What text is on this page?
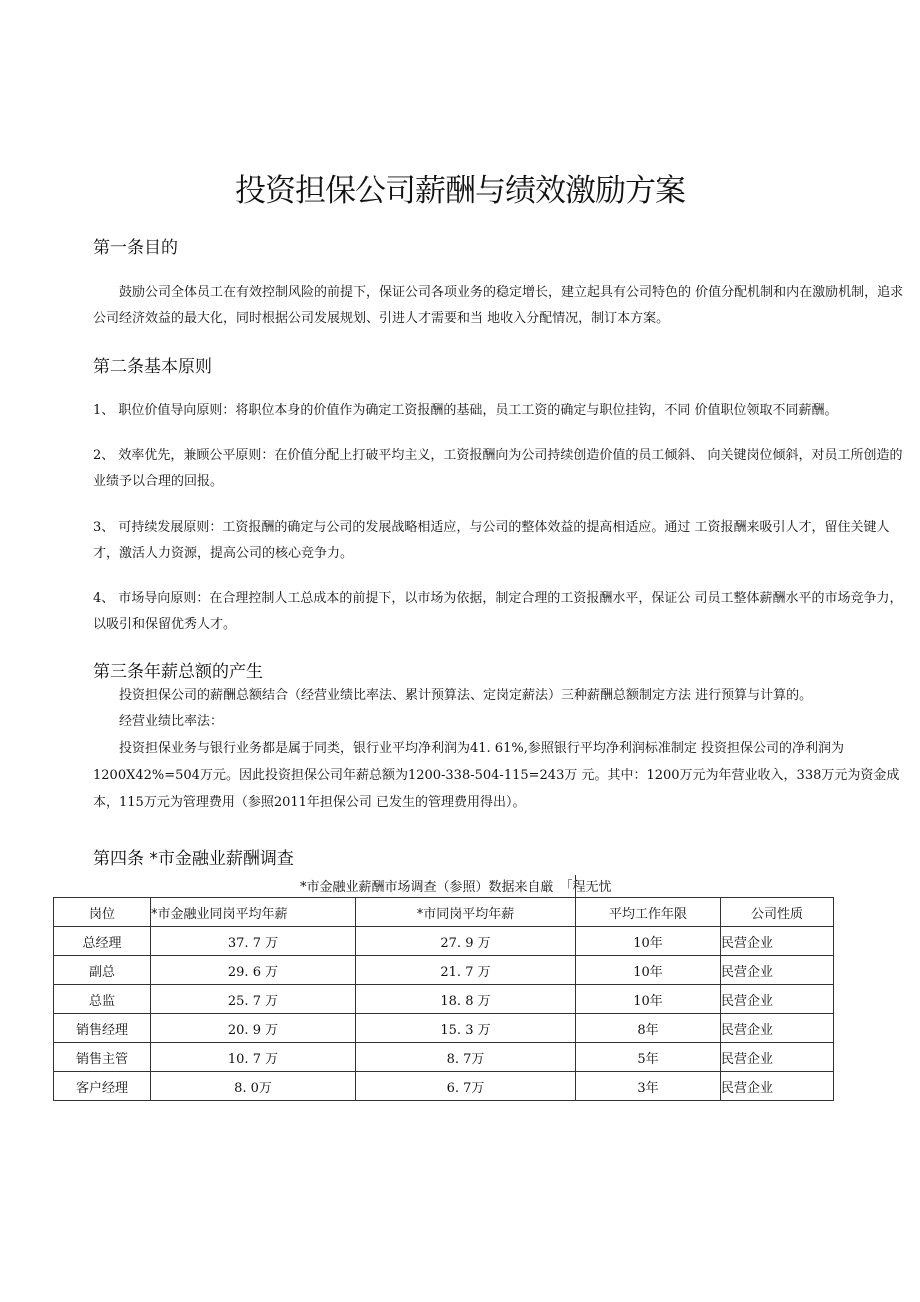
投资担保公司薪酬与绩效激励方案
第一条目的
鼓励公司全体员工在有效控制风险的前提下，保证公司各项业务的稳定增长，建立起具有公司特色的 价值分配机制和内在激励机制，追求公司经济效益的最大化，同时根据公司发展规划、引进人才需要和当 地收入分配情况，制订本方案。
第二条基本原则
1、 职位价值导向原则：将职位本身的价值作为确定工资报酬的基础，员工工资的确定与职位挂钩，不同 价值职位领取不同薪酬。
2、 效率优先，兼顾公平原则：在价值分配上打破平均主义，工资报酬向为公司持续创造价值的员工倾斜、 向关键岗位倾斜，对员工所创造的业绩予以合理的回报。
3、 可持续发展原则：工资报酬的确定与公司的发展战略相适应，与公司的整体效益的提高相适应。通过 工资报酬来吸引人才，留住关键人才，激活人力资源，提高公司的核心竞争力。
4、 市场导向原则：在合理控制人工总成本的前提下，以市场为依据，制定合理的工资报酬水平，保证公 司员工整体薪酬水平的市场竞争力，以吸引和保留优秀人才。
第三条年薪总额的产生
投资担保公司的薪酬总额结合（经营业绩比率法、累计预算法、定岗定薪法）三种薪酬总额制定方法 进行预算与计算的。
经营业绩比率法：
投资担保业务与银行业务都是属于同类，银行业平均净利润为41. 61%,参照银行平均净利润标准制定 投资担保公司的净利润为1200X42%=504万元。因此投资担保公司年薪总额为1200-338-504-115=243万 元。其中：1200万元为年营业收入，338万元为资金成本，115万元为管理费用（参照2011年担保公司 已发生的管理费用得出）。
第四条 *市金融业薪酬调查
*市金融业薪酬市场调查（参照）数据来自厳 「程无忧
岗位	*市金融业同岗平均年薪	*市同岗平均年薪	平均工作年限	公司性质
总经理	37. 7 万	27. 9 万	10年	民营企业
副总	29. 6 万	21. 7 万	10年	民营企业
总监	25. 7 万	18. 8 万	10年	民营企业
销售经理	20. 9 万	15. 3 万	8年	民营企业
销售主管	10. 7 万	8. 7万	5年	民营企业
客户经理	8. 0万	6. 7万	3年	民营企业
